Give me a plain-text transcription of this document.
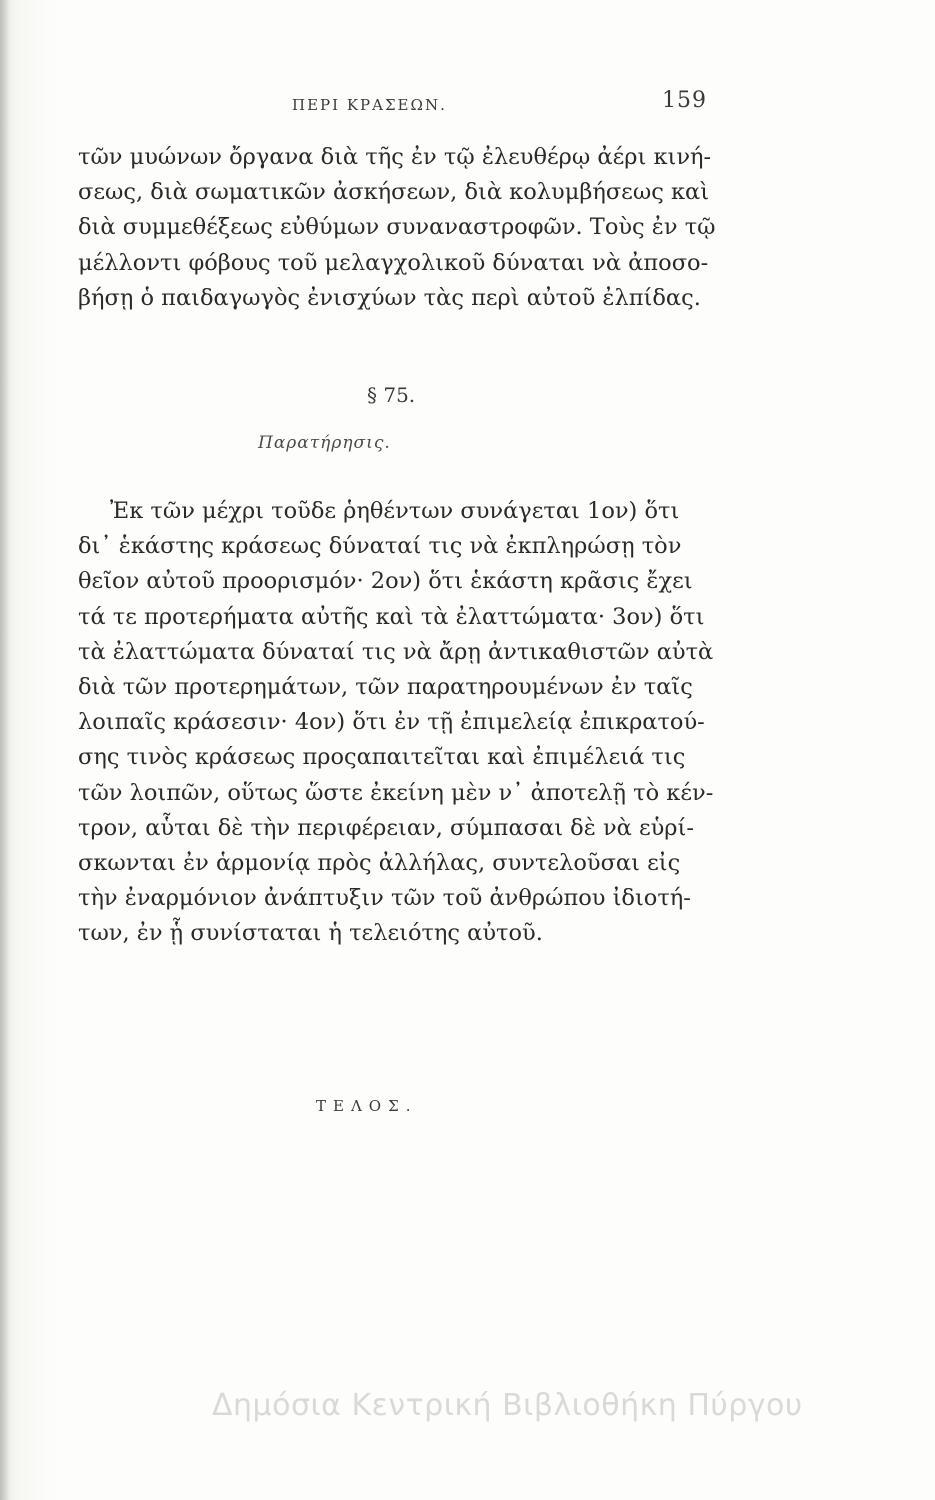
ΠΕΡΙ ΚΡΑΣΕΩΝ.	159
τῶν μυώνων ὄργανα διὰ τῆς ἐν τῷ ἐλευθέρῳ ἀέρι κινή-
σεως, διὰ σωματικῶν ἀσκήσεων, διὰ κολυμβήσεως καὶ
διὰ συμμεθέξεως εὐθύμων συναναστροφῶν. Τοὺς ἐν τῷ
μέλλοντι φόβους τοῦ μελαγχολικοῦ δύναται νὰ ἀποσο-
βήσῃ ὁ παιδαγωγὸς ἐνισχύων τὰς περὶ αὐτοῦ ἐλπίδας.
§ 75.
Παρατήρησις.
Ἐκ τῶν μέχρι τοῦδε ῥηθέντων συνάγεται 1ον) ὅτι
δι᾽ ἑκάστης κράσεως δύναταί τις νὰ ἐκπληρώσῃ τὸν
θεῖον αὐτοῦ προορισμόν· 2ον) ὅτι ἑκάστη κρᾶσις ἔχει
τά τε προτερήματα αὐτῆς καὶ τὰ ἐλαττώματα· 3ον) ὅτι
τὰ ἐλαττώματα δύναταί τις νὰ ἄρῃ ἀντικαθιστῶν αὐτὰ
διὰ τῶν προτερημάτων, τῶν παρατηρουμένων ἐν ταῖς
λοιπαῖς κράσεσιν· 4ον) ὅτι ἐν τῇ ἐπιμελείᾳ ἐπικρατού-
σης τινὸς κράσεως προςαπαιτεῖται καὶ ἐπιμέλειά τις
τῶν λοιπῶν, οὕτως ὥστε ἐκείνη μὲν ν᾽ ἀποτελῇ τὸ κέν-
τρον, αὗται δὲ τὴν περιφέρειαν, σύμπασαι δὲ νὰ εὑρί-
σκωνται ἐν ἁρμονίᾳ πρὸς ἀλλήλας, συντελοῦσαι εἰς
τὴν ἐναρμόνιον ἀνάπτυξιν τῶν τοῦ ἀνθρώπου ἰδιοτή-
των, ἐν ᾗ συνίσταται ἡ τελειότης αὐτοῦ.
ΤΕΛΟΣ.
Δημόσια Κεντρική Βιβλιοθήκη Πύργου
